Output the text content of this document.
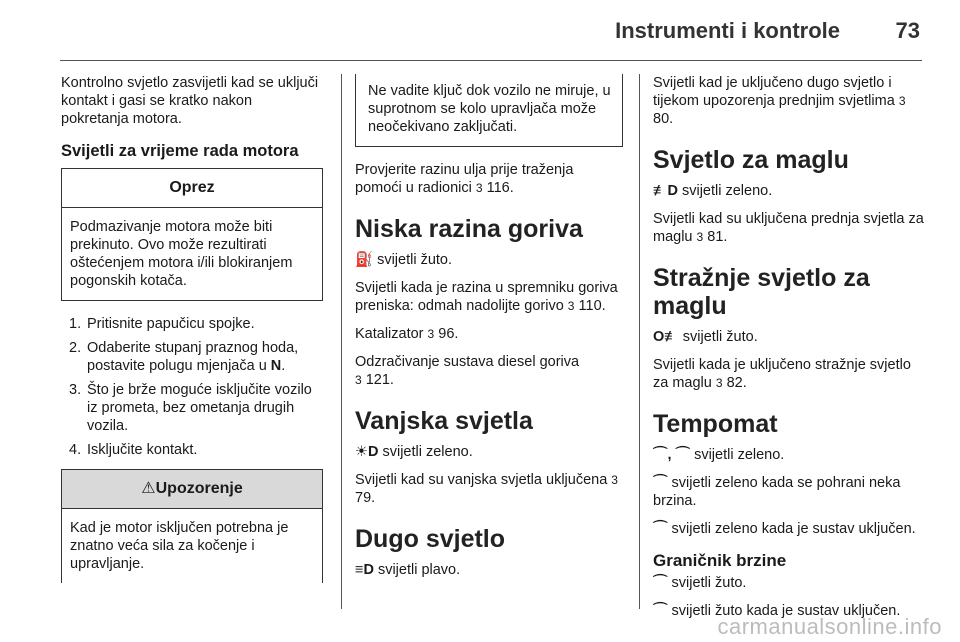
Instrumenti i kontrole	73

Kontrolno svjetlo zasvijetli kad se uključi kontakt i gasi se kratko nakon pokretanja motora.

Svijetli za vrijeme rada motora
Oprez
Podmazivanje motora može biti prekinuto. Ovo može rezultirati oštećenjem motora i/ili blokiranjem pogonskih kotača.
1. Pritisnite papučicu spojke.
2. Odaberite stupanj praznog hoda, postavite polugu mjenjača u N.
3. Što je brže moguće isključite vozilo iz prometa, bez ometanja drugih vozila.
4. Isključite kontakt.
⚠Upozorenje
Kad je motor isključen potrebna je znatno veća sila za kočenje i upravljanje.
Ne vadite ključ dok vozilo ne miruje, u suprotnom se kolo upravljača može neočekivano zaključati.

Provjerite razinu ulja prije traženja pomoći u radionici 3 116.

Niska razina goriva

⛽ svijetli žuto.

Svijetli kada je razina u spremniku goriva preniska: odmah nadolijte gorivo 3 110.

Katalizator 3 96.

Odzračivanje sustava diesel goriva
3 121.

Vanjska svjetla

☀D svijetli zeleno.

Svijetli kad su vanjska svjetla uključena 3 79.

Dugo svjetlo

≡D svijetli plavo.

Svijetli kad je uključeno dugo svjetlo i tijekom upozorenja prednjim svjetlima 3 80.

Svjetlo za maglu

≢D svijetli zeleno.

Svijetli kad su uključena prednja svjetla za maglu 3 81.

Stražnje svjetlo za maglu

O≢ svijetli žuto.

Svijetli kada je uključeno stražnje svjetlo za maglu 3 82.

Tempomat

⌒, ⌒ svijetli zeleno.

⌒ svijetli zeleno kada se pohrani neka brzina.

⌒ svijetli zeleno kada je sustav uključen.

Graničnik brzine

⌒ svijetli žuto.

⌒ svijetli žuto kada je sustav uključen.

carmanualsonline.info
